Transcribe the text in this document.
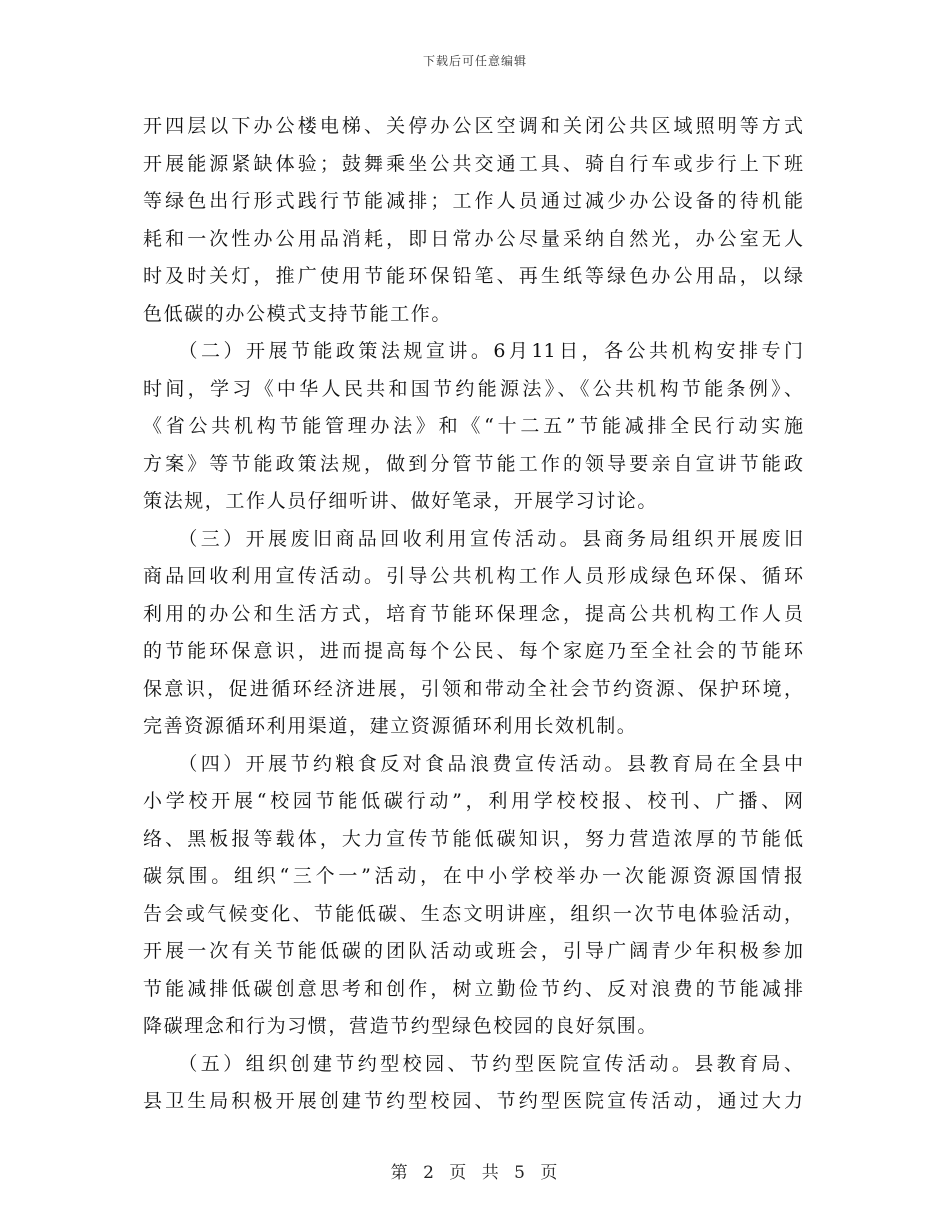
下载后可任意编辑
开四层以下办公楼电梯、关停办公区空调和关闭公共区域照明等方式
开展能源紧缺体验；鼓舞乘坐公共交通工具、骑自行车或步行上下班
等绿色出行形式践行节能减排；工作人员通过减少办公设备的待机能
耗和一次性办公用品消耗，即日常办公尽量采纳自然光，办公室无人
时及时关灯，推广使用节能环保铅笔、再生纸等绿色办公用品，以绿
色低碳的办公模式支持节能工作。
　　（二）开展节能政策法规宣讲。6月11日，各公共机构安排专门
时间，学习《中华人民共和国节约能源法》、《公共机构节能条例》、
《省公共机构节能管理办法》和《“十二五”节能减排全民行动实施
方案》等节能政策法规，做到分管节能工作的领导要亲自宣讲节能政
策法规，工作人员仔细听讲、做好笔录，开展学习讨论。
　　（三）开展废旧商品回收利用宣传活动。县商务局组织开展废旧
商品回收利用宣传活动。引导公共机构工作人员形成绿色环保、循环
利用的办公和生活方式，培育节能环保理念，提高公共机构工作人员
的节能环保意识，进而提高每个公民、每个家庭乃至全社会的节能环
保意识，促进循环经济进展，引领和带动全社会节约资源、保护环境，
完善资源循环利用渠道，建立资源循环利用长效机制。
　　（四）开展节约粮食反对食品浪费宣传活动。县教育局在全县中
小学校开展“校园节能低碳行动”，利用学校校报、校刊、广播、网
络、黑板报等载体，大力宣传节能低碳知识，努力营造浓厚的节能低
碳氛围。组织“三个一”活动，在中小学校举办一次能源资源国情报
告会或气候变化、节能低碳、生态文明讲座，组织一次节电体验活动，
开展一次有关节能低碳的团队活动或班会，引导广阔青少年积极参加
节能减排低碳创意思考和创作，树立勤俭节约、反对浪费的节能减排
降碳理念和行为习惯，营造节约型绿色校园的良好氛围。
　　（五）组织创建节约型校园、节约型医院宣传活动。县教育局、
县卫生局积极开展创建节约型校园、节约型医院宣传活动，通过大力
第 2 页 共 5 页
